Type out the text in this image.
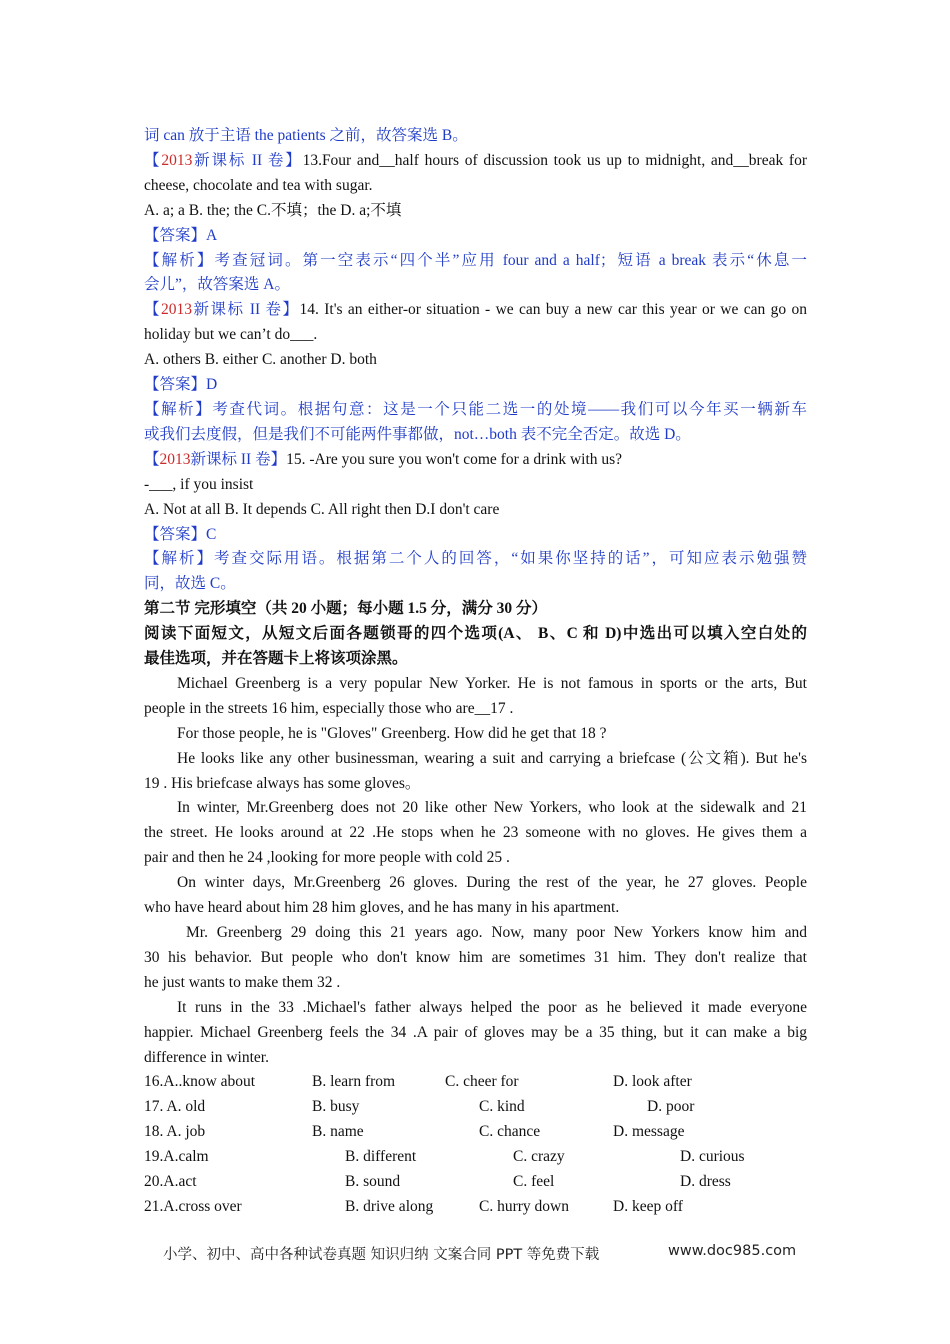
词 can 放于主语 the patients 之前，故答案选 B。
【2013新课标 II 卷】13.Four and__half hours of discussion took us up to midnight, and__break for
cheese, chocolate and tea with sugar.
A. a; a B. the; the C.不填；the D. a;不填
【答案】A
【解析】考查冠词。第一空表示“四个半”应用 four and a half；短语 a break 表示“休息一
会儿”，故答案选 A。
【2013新课标 II 卷】14. It's an either-or situation - we can buy a new car this year or we can go on
holiday but we can’t do___.
A. others B. either C. another D. both
【答案】D
【解析】考查代词。根据句意：这是一个只能二选一的处境——我们可以今年买一辆新车
或我们去度假，但是我们不可能两件事都做，not…both 表不完全否定。故选 D。
【2013新课标 II 卷】15. -Are you sure you won't come for a drink with us?
-___, if you insist
A. Not at all B. It depends C. All right then D.I don't care
【答案】C
【解析】考查交际用语。根据第二个人的回答，“如果你坚持的话”，可知应表示勉强赞
同，故选 C。
第二节 完形填空（共 20 小题；每小题 1.5 分，满分 30 分）
阅读下面短文，从短文后面各题锁哥的四个选项(A、 B、C 和 D)中选出可以填入空白处的
最佳选项，并在答题卡上将该项涂黑。
Michael Greenberg is a very popular New Yorker. He is not famous in sports or the arts, But
people in the streets 16 him, especially those who are__17 .
For those people, he is "Gloves" Greenberg. How did he get that 18 ?
He looks like any other businessman, wearing a suit and carrying a briefcase (公文箱). But he's
19 . His briefcase always has some gloves。
In winter, Mr.Greenberg does not 20 like other New Yorkers, who look at the sidewalk and 21
the street. He looks around at 22 .He stops when he 23 someone with no gloves. He gives them a
pair and then he 24 ,looking for more people with cold 25 .
On winter days, Mr.Greenberg 26 gloves. During the rest of the year, he 27 gloves. People
who have heard about him 28 him gloves, and he has many in his apartment.
Mr. Greenberg 29 doing this 21 years ago. Now, many poor New Yorkers know him and
30 his behavior. But people who don't know him are sometimes 31 him. They don't realize that
he just wants to make them 32 .
It runs in the 33 .Michael's father always helped the poor as he believed it made everyone
happier. Michael Greenberg feels the 34 .A pair of gloves may be a 35 thing, but it can make a big
difference in winter.
16.A..know about	B. learn from	C. cheer for	D. look after
17. A. old	B. busy	C. kind	D. poor
18. A. job	B. name	C. chance	D. message
19.A.calm	B. different	C. crazy	D. curious
20.A.act	B. sound	C. feel	D. dress
21.A.cross over	B. drive along	C. hurry down	D. keep off
小学、初中、高中各种试卷真题 知识归纳 文案合同 PPT 等免费下载	www.doc985.com
